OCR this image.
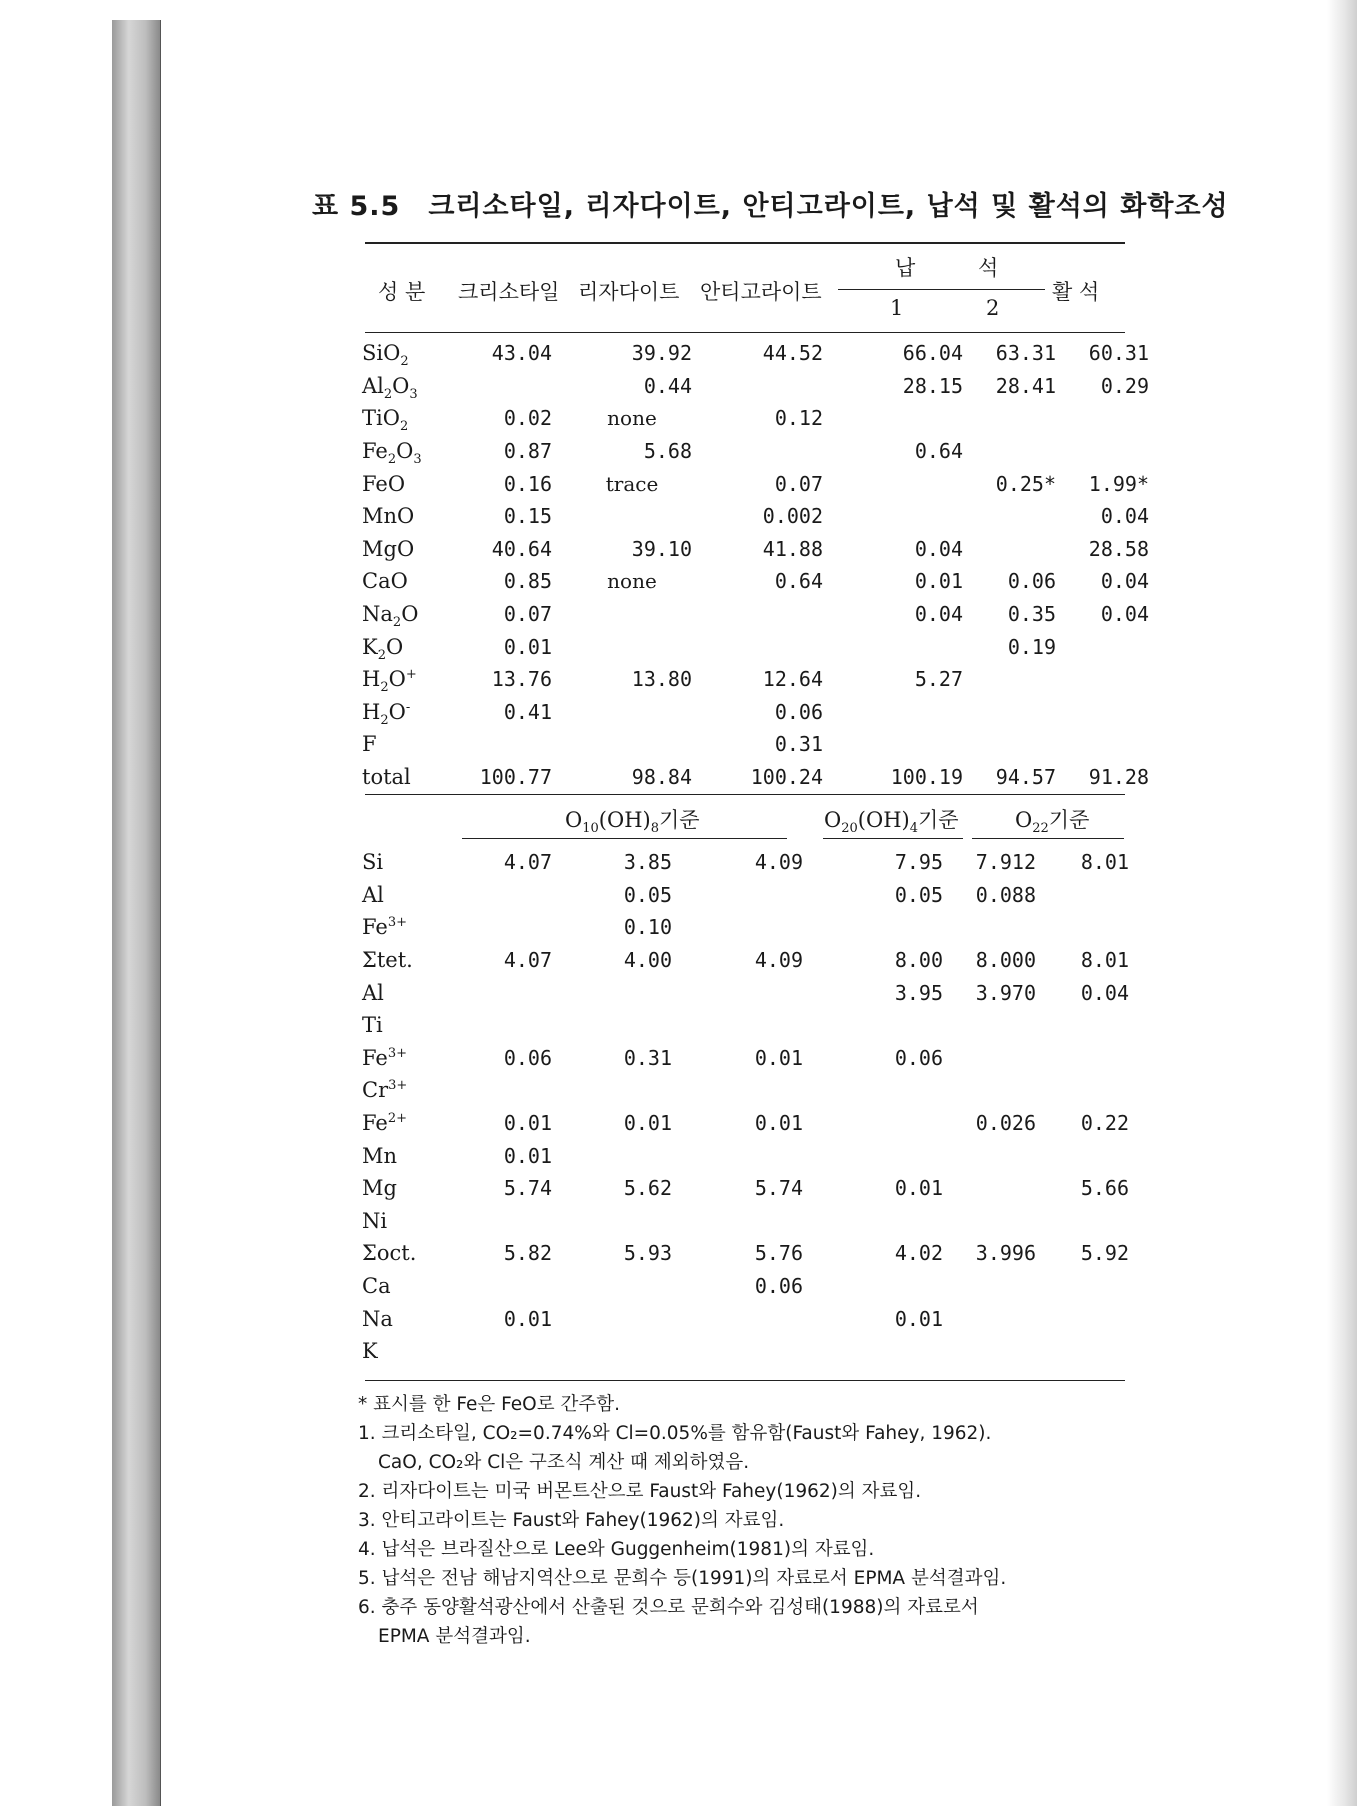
표 5.5 크리소타일, 리자다이트, 안티고라이트, 납석 및 활석의 화학조성
성 분 크리소타일 리자다이트 안티고라이트
납 석
1	2
활 석
SiO$_2$	43.04	39.92	44.52	66.04	63.31	60.31
$Al_2O_3$		0.44		28.15	28.41	0.29
TiO$_2$	0.02	none	0.12			
$Fe_2O_3$	0.87	5.68		0.64		
FeO	0.16	trace	0.07		0.25*	1.99*
MnO	0.15		0.002			0.04
MgO	40.64	39.10	41.88	0.04		28.58
CaO	0.85	none	0.64	0.01	0.06	0.04
$Na_2O$	0.07			0.04	0.35	0.04
$K_2O$	0.01				0.19	
$H_2O^+$	13.76	13.80	12.64	5.27		
$H_2O^-$	0.41		0.06			
F			0.31			
total	100.77	98.84	100.24	100.19	94.57	91.28
$O_{10}(OH)_8$기준	$O_{20}(OH)_4$기준	$O_{22}$기준
Si	4.07	3.85	4.09	7.95	7.912	8.01
Al		0.05		0.05	0.088	
$Fe^{3+}$		0.10				
Σtet.	4.07	4.00	4.09	8.00	8.000	8.01
Al				3.95	3.970	0.04
Ti						
$Fe^{3+}$	0.06	0.31	0.01	0.06		
$Cr^{3+}$						
$Fe^{2+}$	0.01	0.01	0.01		0.026	0.22
Mn	0.01					
Mg	5.74	5.62	5.74	0.01		5.66
Ni						
Σoct.	5.82	5.93	5.76	4.02	3.996	5.92
Ca			0.06			
Na	0.01			0.01		
K						
* 표시를 한 Fe은 FeO로 간주함.
1. 크리소타일, CO₂=0.74%와 Cl=0.05%를 함유함(Faust와 Fahey, 1962).
CaO, CO₂와 Cl은 구조식 계산 때 제외하였음.
2. 리자다이트는 미국 버몬트산으로 Faust와 Fahey(1962)의 자료임.
3. 안티고라이트는 Faust와 Fahey(1962)의 자료임.
4. 납석은 브라질산으로 Lee와 Guggenheim(1981)의 자료임.
5. 납석은 전남 해남지역산으로 문희수 등(1991)의 자료로서 EPMA 분석결과임.
6. 충주 동양활석광산에서 산출된 것으로 문희수와 김성태(1988)의 자료로서
EPMA 분석결과임.
